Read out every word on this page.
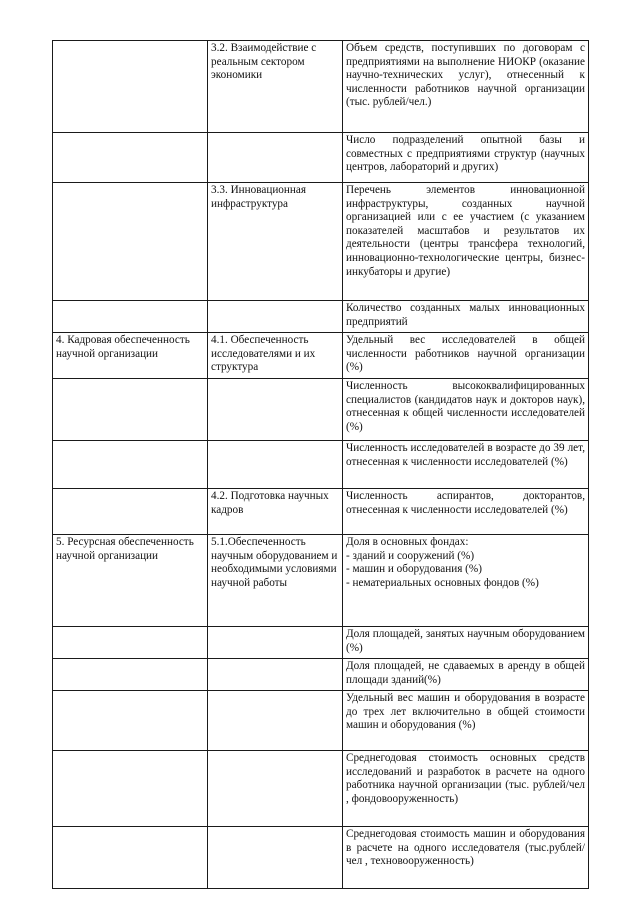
	3.2. Взаимодействие с реальным сектором экономики	Объем средств, поступивших по договорам с предприятиями на выполнение НИОКР (оказание научно-технических услуг), отнесенный к численности работников научной организации (тыс. рублей/чел.)
		Число подразделений опытной базы и совместных с предприятиями структур (научных центров, лабораторий и других)
	3.3. Инновационная инфраструктура	Перечень элементов инновационной инфраструктуры, созданных научной организацией или с ее участием (с указанием показателей масштабов и результатов их деятельности (центры трансфера технологий, инновационно-технологические центры, бизнес-инкубаторы и другие)
		Количество созданных малых инновационных предприятий
4. Кадровая обеспеченность научной организации	4.1. Обеспеченность исследователями и их структура	Удельный вес исследователей в общей численности работников научной организации (%)
		Численность высококвалифицированных специалистов (кандидатов наук и докторов наук), отнесенная к общей численности исследователей (%)
		Численность исследователей в возрасте до 39 лет, отнесенная к численности исследователей (%)
	4.2. Подготовка научных кадров	Численность аспирантов, докторантов, отнесенная к численности исследователей (%)
5. Ресурсная обеспеченность научной организации	5.1.Обеспеченность научным оборудованием и необходимыми условиями научной работы	Доля в основных фондах:
- зданий и сооружений (%)
- машин и оборудования (%)
- нематериальных основных фондов (%)

		Доля площадей, занятых научным оборудованием (%)
		Доля площадей, не сдаваемых в аренду в общей площади зданий(%)
		Удельный вес машин и оборудования в возрасте до трех лет включительно в общей стоимости машин и оборудования (%)
		Среднегодовая стоимость основных средств исследований и разработок в расчете на одного работника научной организации (тыс. рублей/чел , фондовооруженность)
		Среднегодовая стоимость машин и оборудования в расчете на одного исследователя (тыс.рублей/чел , техновооруженность)
